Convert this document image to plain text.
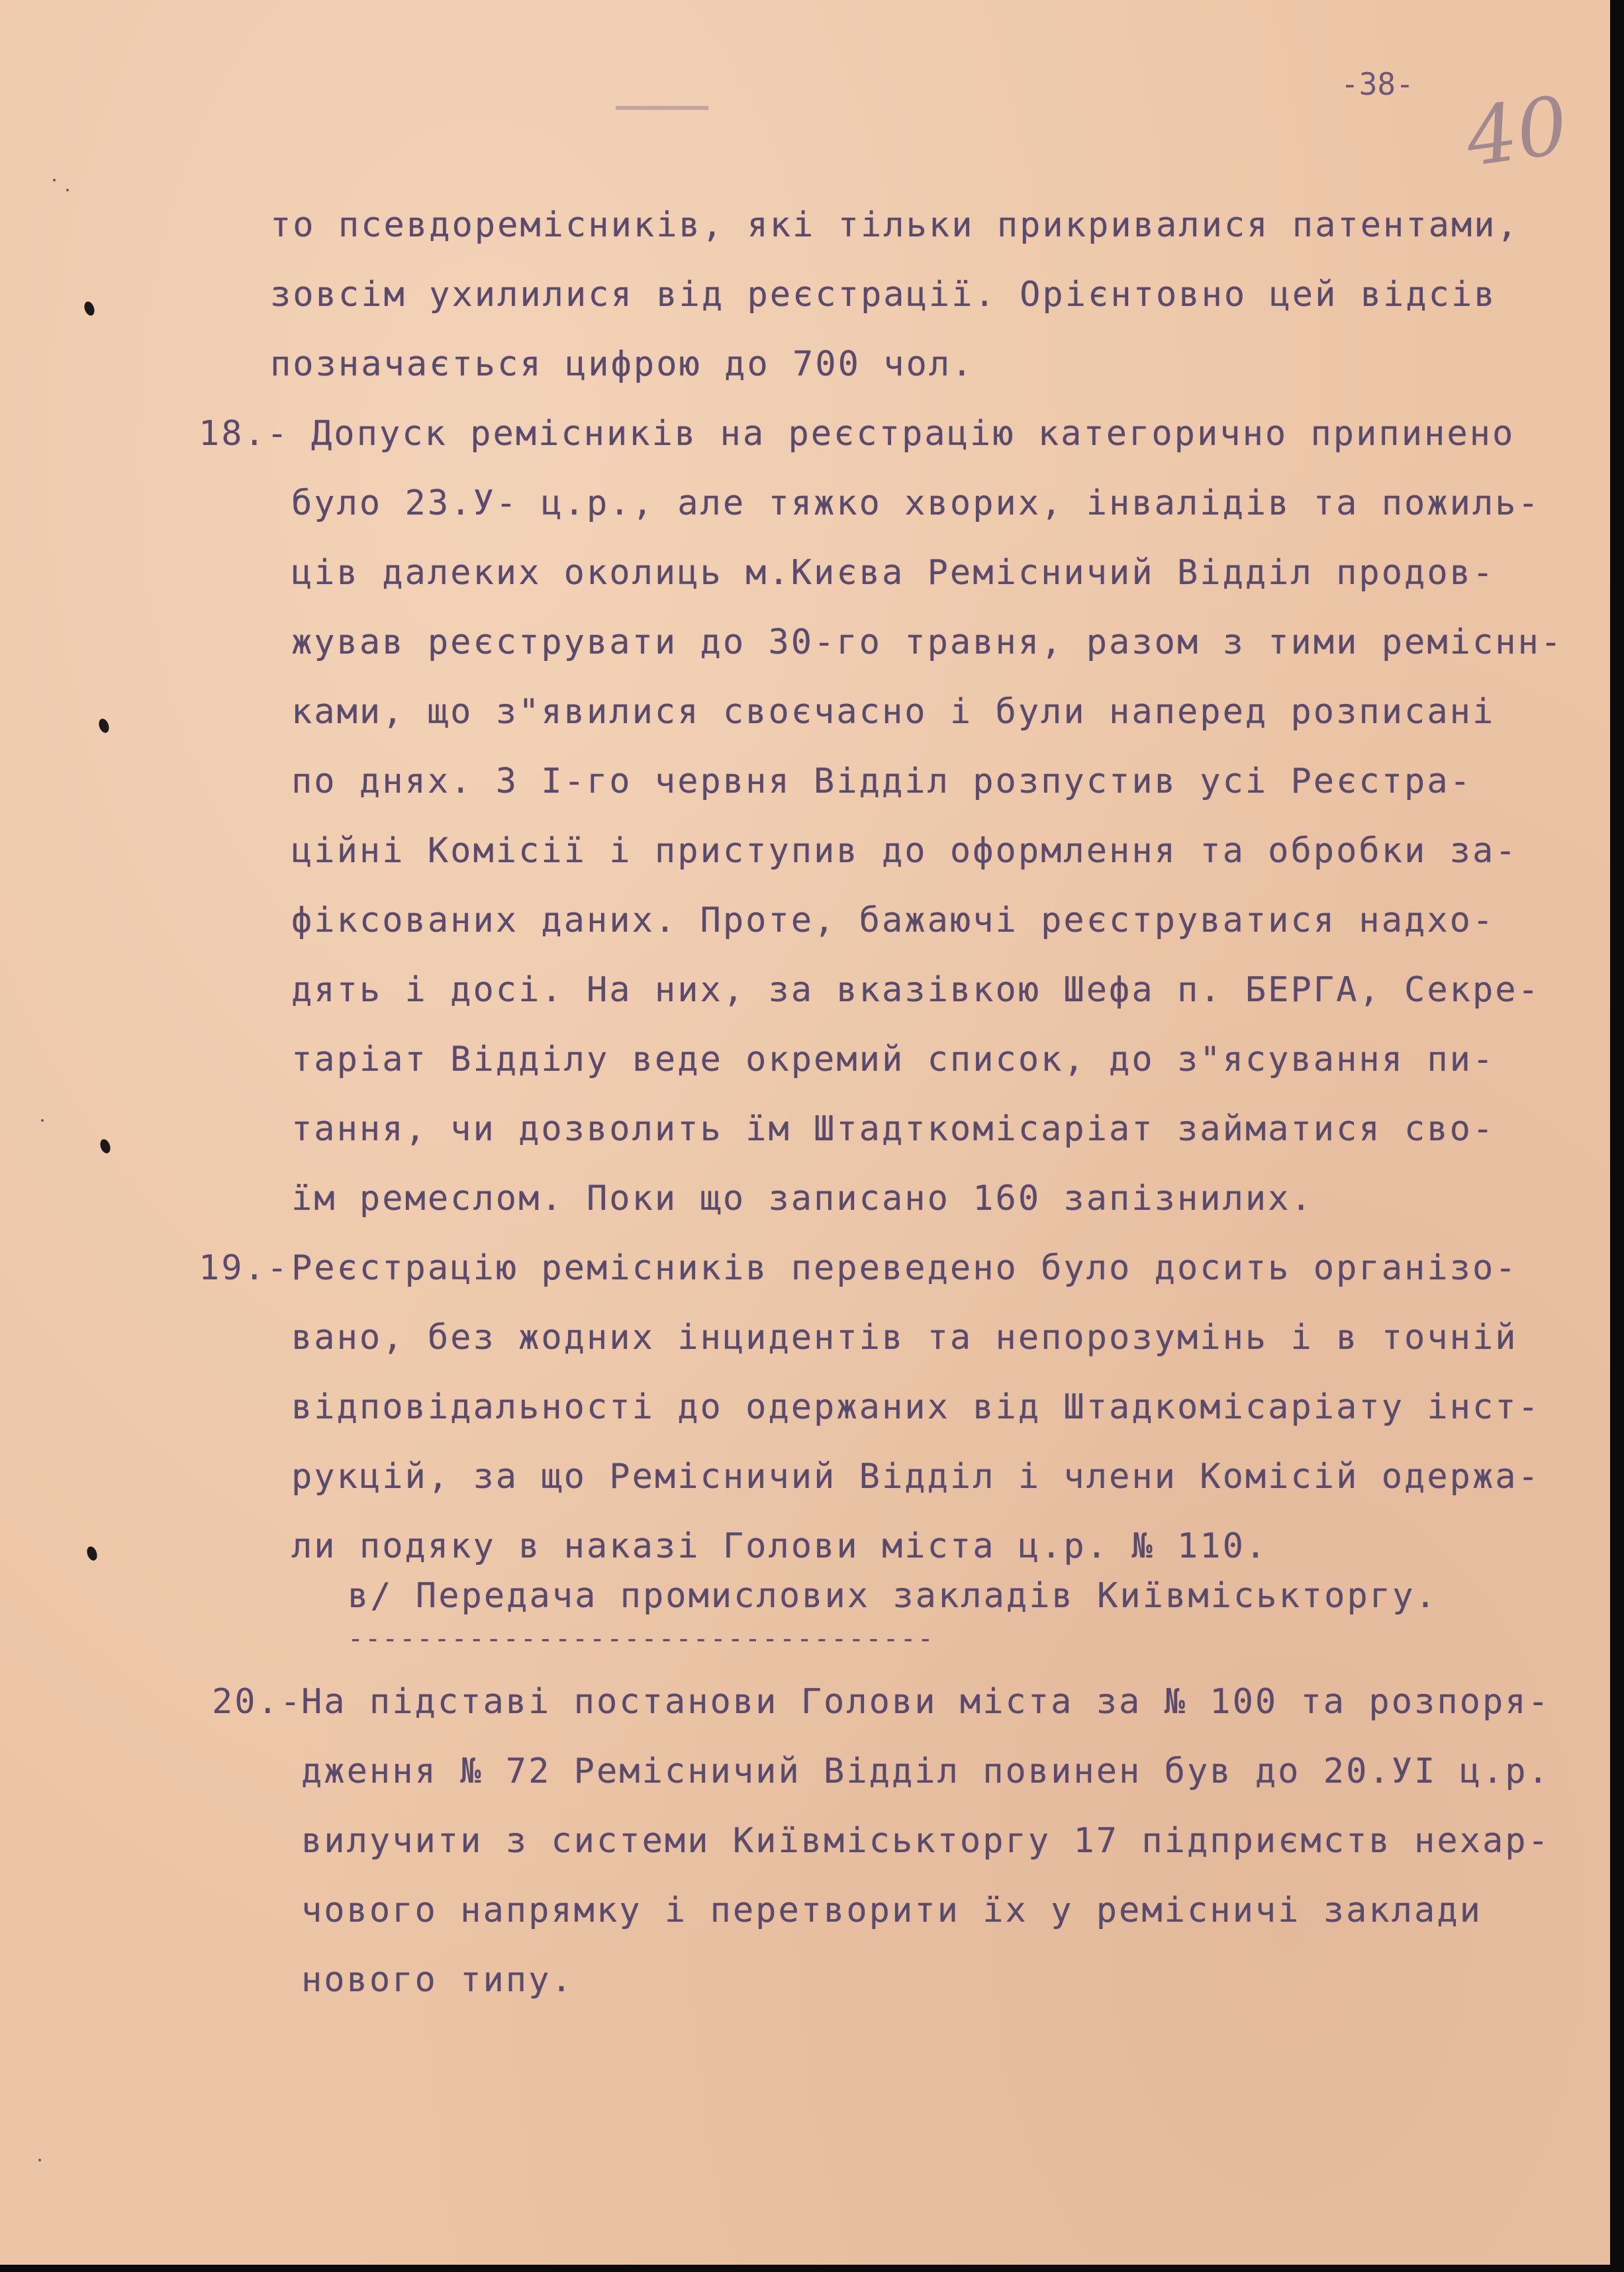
-38- 40
то псевдоремісників, які тільки прикривалися патентами,
зовсім ухилилися від реєстрації. Орієнтовно цей відсів
позначається цифрою до 700 чол.
18.- Допуск ремісників на реєстрацію категорично припинено
було 23.У- ц.р., але тяжко хворих, інвалідів та пожиль-
ців далеких околиць м.Києва Ремісничий Відділ продов-
жував реєструвати до 30-го травня, разом з тими реміснн-
ками, що з"явилися своєчасно і були наперед розписані
по днях. З І-го червня Відділ розпустив усі Реєстра-
ційні Комісії і приступив до оформлення та обробки за-
фіксованих даних. Проте, бажаючі реєструватися надхо-
дять і досі. На них, за вказівкою Шефа п. БЕРГА, Секре-
таріат Відділу веде окремий список, до з"ясування пи-
тання, чи дозволить їм Штадткомісаріат займатися сво-
їм ремеслом. Поки що записано 160 запізнилих.
19.- Реєстрацію ремісників переведено було досить організо-
вано, без жодних інцидентів та непорозумінь і в точній
відповідальності до одержаних від Штадкомісаріату інст-
рукцій, за що Ремісничий Відділ і члени Комісій одержа-
ли подяку в наказі Голови міста ц.р. № 110.
в/ Передача промислових закладів Київміськторгу.
----------------------------------
20.-
На підставі постанови Голови міста за № 100 та розпоря-
дження № 72 Ремісничий Відділ повинен був до 20.УІ ц.р.
вилучити з системи Київміськторгу 17 підприємств нехар-
чового напрямку і перетворити їх у ремісничі заклади
нового типу.
